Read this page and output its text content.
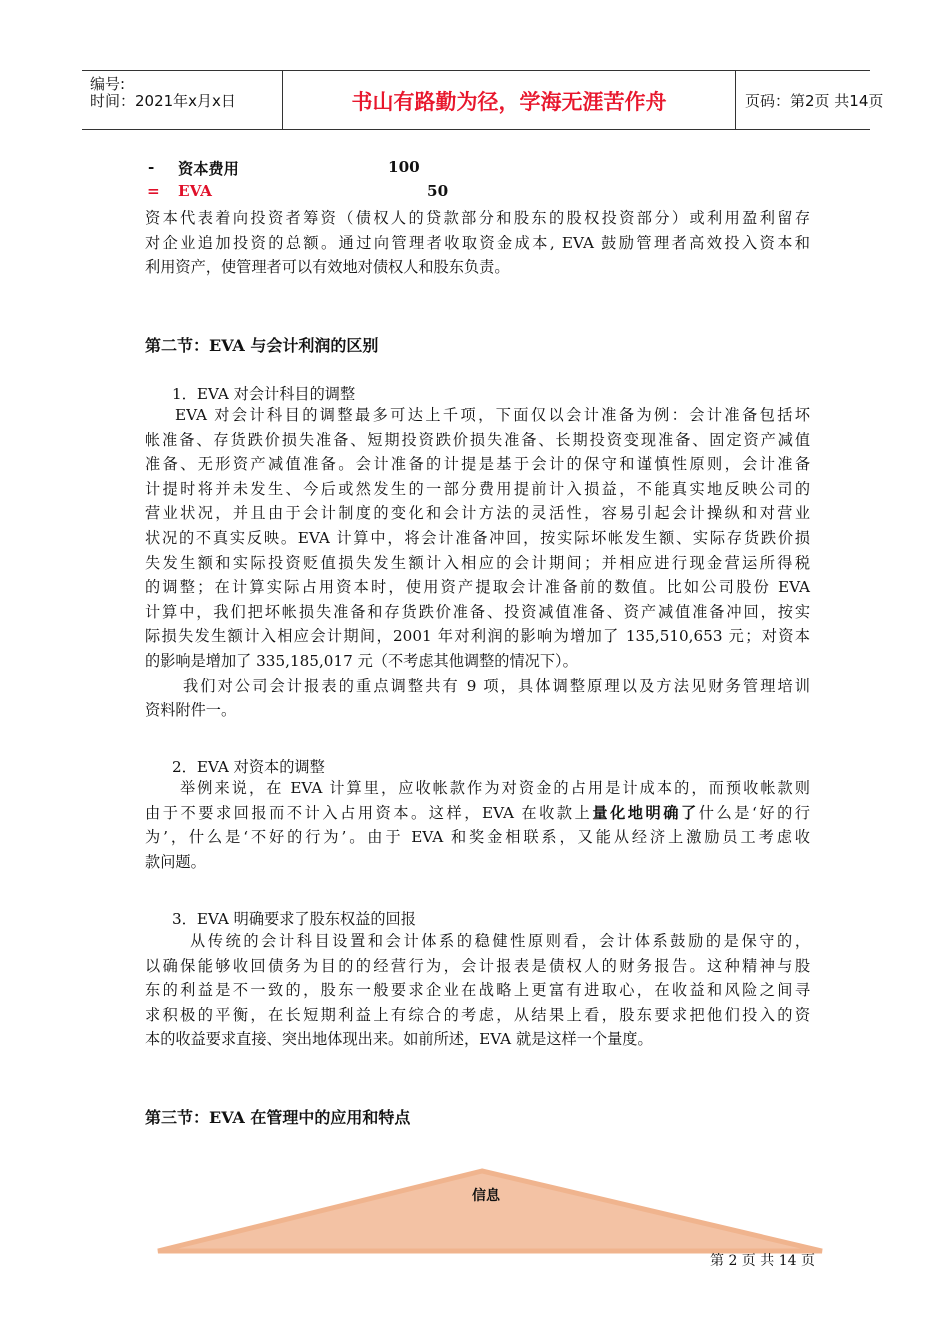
编号:
时间：2021年x月x日	书山有路勤为径，学海无涯苦作舟	页码：第2页 共14页
- 资本费用	100
= EVA	50
资本代表着向投资者筹资（债权人的贷款部分和股东的股权投资部分）或利用盈利留存
对企业追加投资的总额。通过向管理者收取资金成本, EVA 鼓励管理者高效投入资本和
利用资产，使管理者可以有效地对债权人和股东负责。
第二节：EVA 与会计利润的区别
1．EVA 对会计科目的调整
EVA 对会计科目的调整最多可达上千项，下面仅以会计准备为例：会计准备包括坏
帐准备、存货跌价损失准备、短期投资跌价损失准备、长期投资变现准备、固定资产减值
准备、无形资产减值准备。会计准备的计提是基于会计的保守和谨慎性原则，会计准备
计提时将并未发生、今后或然发生的一部分费用提前计入损益，不能真实地反映公司的
营业状况，并且由于会计制度的变化和会计方法的灵活性，容易引起会计操纵和对营业
状况的不真实反映。EVA 计算中，将会计准备冲回，按实际坏帐发生额、实际存货跌价损
失发生额和实际投资贬值损失发生额计入相应的会计期间；并相应进行现金营运所得税
的调整；在计算实际占用资本时，使用资产提取会计准备前的数值。比如公司股份 EVA
计算中，我们把坏帐损失准备和存货跌价准备、投资减值准备、资产减值准备冲回，按实
际损失发生额计入相应会计期间，2001 年对利润的影响为增加了 135,510,653 元；对资本
的影响是增加了 335,185,017 元（不考虑其他调整的情况下）。
我们对公司会计报表的重点调整共有 9 项，具体调整原理以及方法见财务管理培训
资料附件一。
2．EVA 对资本的调整
举例来说，在 EVA 计算里，应收帐款作为对资金的占用是计成本的，而预收帐款则
由于不要求回报而不计入占用资本。这样，EVA 在收款上量化地明确了什么是‘好的行
为’，什么是‘不好的行为’。由于 EVA 和奖金相联系，又能从经济上激励员工考虑收
款问题。
3．EVA 明确要求了股东权益的回报
从传统的会计科目设置和会计体系的稳健性原则看，会计体系鼓励的是保守的，
以确保能够收回债务为目的的经营行为，会计报表是债权人的财务报告。这种精神与股
东的利益是不一致的，股东一般要求企业在战略上更富有进取心，在收益和风险之间寻
求积极的平衡，在长短期利益上有综合的考虑，从结果上看，股东要求把他们投入的资
本的收益要求直接、突出地体现出来。如前所述，EVA 就是这样一个量度。
第三节：EVA 在管理中的应用和特点
信息
第 2 页 共 14 页
